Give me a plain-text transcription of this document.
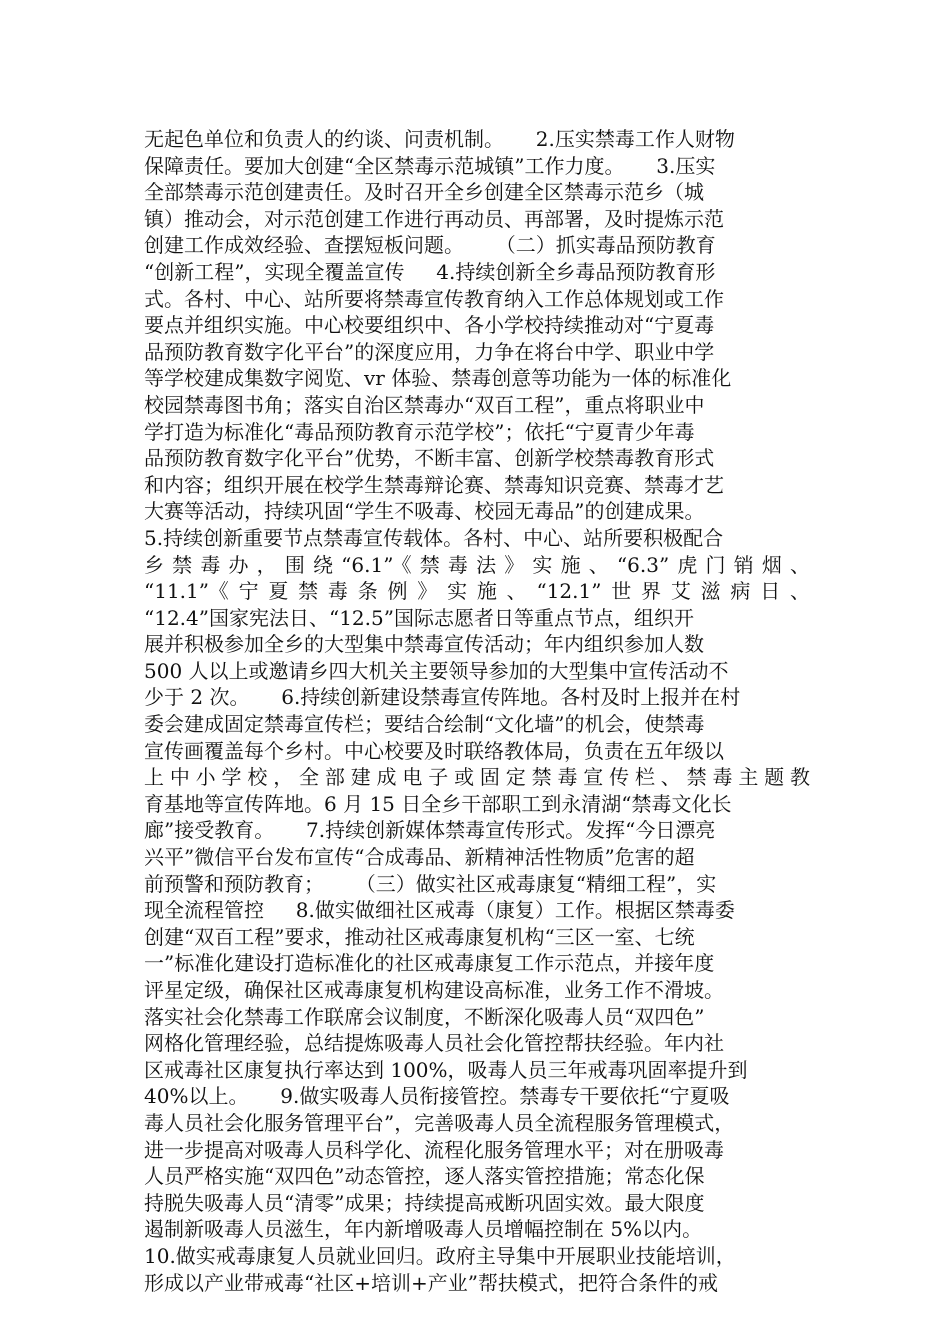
无起色单位和负责人的约谈、问责机制。     2.压实禁毒工作人财物
保障责任。要加大创建“全区禁毒示范城镇”工作力度。     3.压实
全部禁毒示范创建责任。及时召开全乡创建全区禁毒示范乡（城
镇）推动会，对示范创建工作进行再动员、再部署，及时提炼示范
创建工作成效经验、查摆短板问题。     （二）抓实毒品预防教育
“创新工程”，实现全覆盖宣传     4.持续创新全乡毒品预防教育形
式。各村、中心、站所要将禁毒宣传教育纳入工作总体规划或工作
要点并组织实施。中心校要组织中、各小学校持续推动对“宁夏毒
品预防教育数字化平台”的深度应用，力争在将台中学、职业中学
等学校建成集数字阅览、vr 体验、禁毒创意等功能为一体的标准化
校园禁毒图书角；落实自治区禁毒办“双百工程”，重点将职业中
学打造为标准化“毒品预防教育示范学校”；依托“宁夏青少年毒
品预防教育数字化平台”优势，不断丰富、创新学校禁毒教育形式
和内容；组织开展在校学生禁毒辩论赛、禁毒知识竞赛、禁毒才艺
大赛等活动，持续巩固“学生不吸毒、校园无毒品”的创建成果。
5.持续创新重要节点禁毒宣传载体。各村、中心、站所要积极配合
乡禁毒办，围绕“6.1”《禁毒法》实施、“6.3”虎门销烟、
“11.1”《宁夏禁毒条例》实施、“12.1”世界艾滋病日、
“12.4”国家宪法日、“12.5”国际志愿者日等重点节点，组织开
展并积极参加全乡的大型集中禁毒宣传活动；年内组织参加人数
500 人以上或邀请乡四大机关主要领导参加的大型集中宣传活动不
少于 2 次。     6.持续创新建设禁毒宣传阵地。各村及时上报并在村
委会建成固定禁毒宣传栏；要结合绘制“文化墙”的机会，使禁毒
宣传画覆盖每个乡村。中心校要及时联络教体局，负责在五年级以
上中小学校，全部建成电子或固定禁毒宣传栏、禁毒主题教
育基地等宣传阵地。6 月 15 日全乡干部职工到永清湖“禁毒文化长
廊”接受教育。     7.持续创新媒体禁毒宣传形式。发挥“今日漂亮
兴平”微信平台发布宣传“合成毒品、新精神活性物质”危害的超
前预警和预防教育；     （三）做实社区戒毒康复“精细工程”，实
现全流程管控     8.做实做细社区戒毒（康复）工作。根据区禁毒委
创建“双百工程”要求，推动社区戒毒康复机构“三区一室、七统
一”标准化建设打造标准化的社区戒毒康复工作示范点，并接年度
评星定级，确保社区戒毒康复机构建设高标准，业务工作不滑坡。
落实社会化禁毒工作联席会议制度，不断深化吸毒人员“双四色”
网格化管理经验，总结提炼吸毒人员社会化管控帮扶经验。年内社
区戒毒社区康复执行率达到 100%，吸毒人员三年戒毒巩固率提升到
40%以上。     9.做实吸毒人员衔接管控。禁毒专干要依托“宁夏吸
毒人员社会化服务管理平台”，完善吸毒人员全流程服务管理模式，
进一步提高对吸毒人员科学化、流程化服务管理水平；对在册吸毒
人员严格实施“双四色”动态管控，逐人落实管控措施；常态化保
持脱失吸毒人员“清零”成果；持续提高戒断巩固实效。最大限度
遏制新吸毒人员滋生，年内新增吸毒人员增幅控制在 5%以内。
10.做实戒毒康复人员就业回归。政府主导集中开展职业技能培训，
形成以产业带戒毒“社区+培训+产业”帮扶模式，把符合条件的戒
